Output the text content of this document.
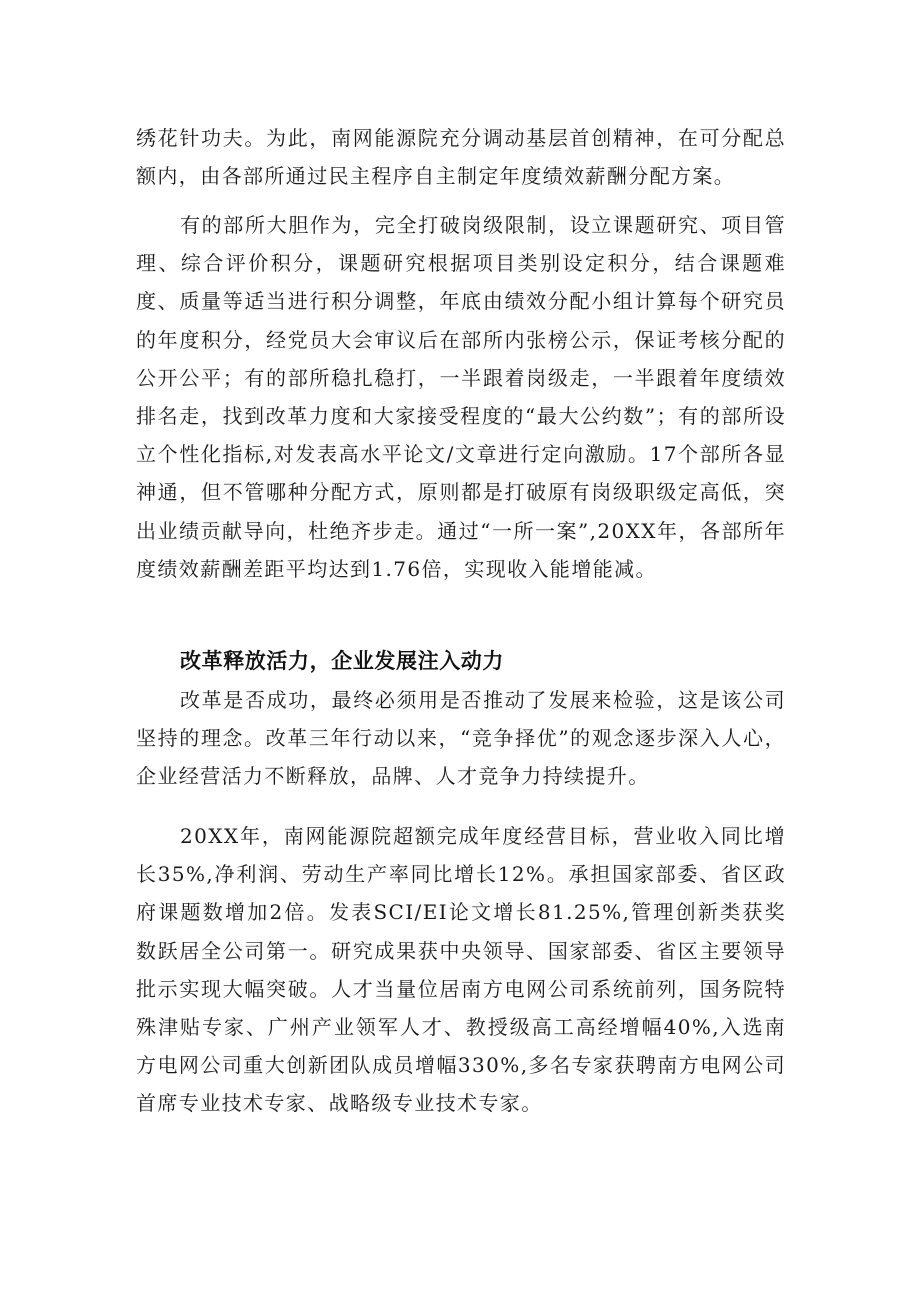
绣花针功夫。为此，南网能源院充分调动基层首创精神，在可分配总额内，由各部所通过民主程序自主制定年度绩效薪酬分配方案。

有的部所大胆作为，完全打破岗级限制，设立课题研究、项目管理、综合评价积分，课题研究根据项目类别设定积分，结合课题难度、质量等适当进行积分调整，年底由绩效分配小组计算每个研究员的年度积分，经党员大会审议后在部所内张榜公示，保证考核分配的公开公平；有的部所稳扎稳打，一半跟着岗级走，一半跟着年度绩效排名走，找到改革力度和大家接受程度的“最大公约数”；有的部所设立个性化指标,对发表高水平论文/文章进行定向激励。17个部所各显神通，但不管哪种分配方式，原则都是打破原有岗级职级定高低，突出业绩贡献导向，杜绝齐步走。通过“一所一案”,20XX年，各部所年度绩效薪酬差距平均达到1.76倍，实现收入能增能减。

改革释放活力，企业发展注入动力

改革是否成功，最终必须用是否推动了发展来检验，这是该公司坚持的理念。改革三年行动以来，“竞争择优”的观念逐步深入人心，企业经营活力不断释放，品牌、人才竞争力持续提升。

20XX年，南网能源院超额完成年度经营目标，营业收入同比增长35%,净利润、劳动生产率同比增长12%。承担国家部委、省区政府课题数增加2倍。发表SCI/EI论文增长81.25%,管理创新类获奖数跃居全公司第一。研究成果获中央领导、国家部委、省区主要领导批示实现大幅突破。人才当量位居南方电网公司系统前列，国务院特殊津贴专家、广州产业领军人才、教授级高工高经增幅40%,入选南方电网公司重大创新团队成员增幅330%,多名专家获聘南方电网公司首席专业技术专家、战略级专业技术专家。
